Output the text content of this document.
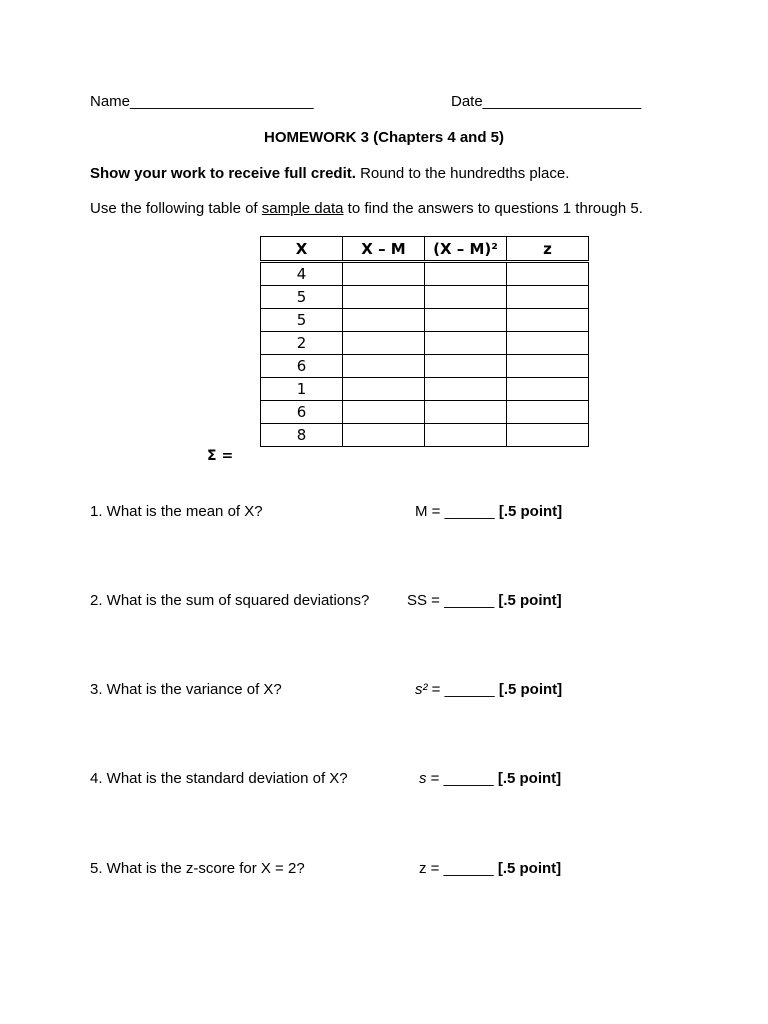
Name______________________	Date___________________
HOMEWORK 3 (Chapters 4 and 5)
Show your work to receive full credit. Round to the hundredths place.
Use the following table of sample data to find the answers to questions 1 through 5.
X	X – M	(X – M)²	z
4			
5			
5			
2			
6			
1			
6			
8			
Σ =
1. What is the mean of X?	M = ______ [.5 point]
2. What is the sum of squared deviations?	SS = ______ [.5 point]
3. What is the variance of X?	s² = ______ [.5 point]
4. What is the standard deviation of X?	s = ______ [.5 point]
5. What is the z-score for X = 2?	z = ______ [.5 point]
